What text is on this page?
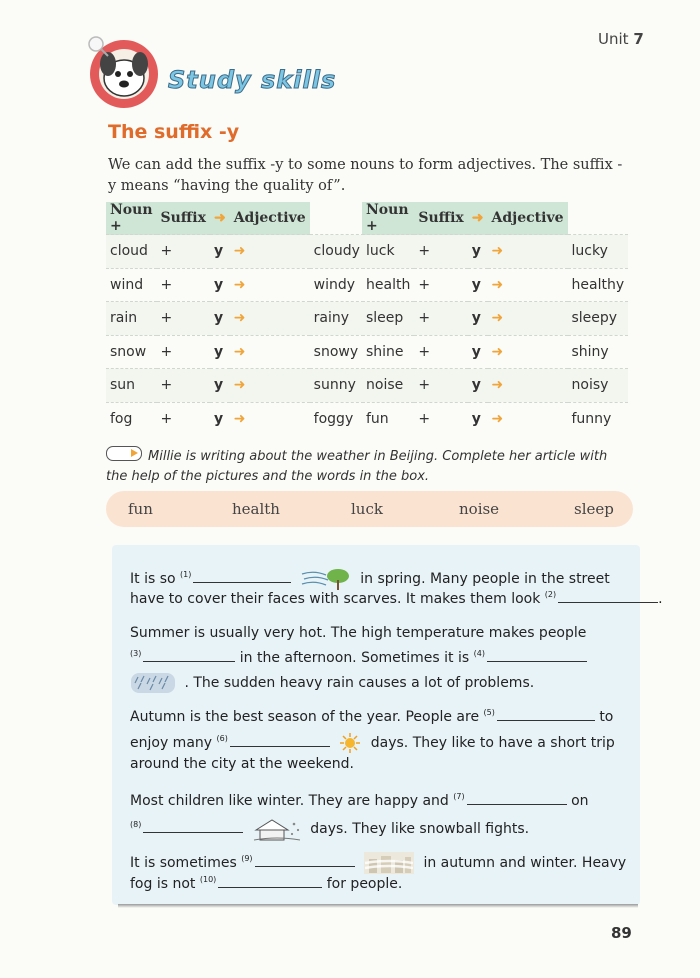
Unit 7
Study skills
The suffix -y
We can add the suffix -y to some nouns to form adjectives. The suffix -y means “having the quality of”.
Noun +	Suffix	➜	Adjective	
cloud	+	y	➜	cloudy
wind	+	y	➜	windy
rain	+	y	➜	rainy
snow	+	y	➜	snowy
sun	+	y	➜	sunny
fog	+	y	➜	foggy
Noun +	Suffix	➜	Adjective	
luck	+	y	➜	lucky
health	+	y	➜	healthy
sleep	+	y	➜	sleepy
shine	+	y	➜	shiny
noise	+	y	➜	noisy
fun	+	y	➜	funny
Millie is writing about the weather in Beijing. Complete her article with the help of the pictures and the words in the box.
fun	health	luck	noise	sleep
It is so $^{(1)}$	in spring. Many people in the street
have to cover their faces with scarves. It makes them look $^{(2)}$	.
Summer is usually very hot. The high temperature makes people
$^{(3)}$	in the afternoon. Sometimes it is $^{(4)}$
. The sudden heavy rain causes a lot of problems.
Autumn is the best season of the year. People are $^{(5)}$	to
enjoy many $^{(6)}$	days. They like to have a short trip
around the city at the weekend.
Most children like winter. They are happy and $^{(7)}$	on
$^{(8)}$	days. They like snowball fights.
It is sometimes $^{(9)}$	in autumn and winter. Heavy
fog is not $^{(10)}$	for people.
89
